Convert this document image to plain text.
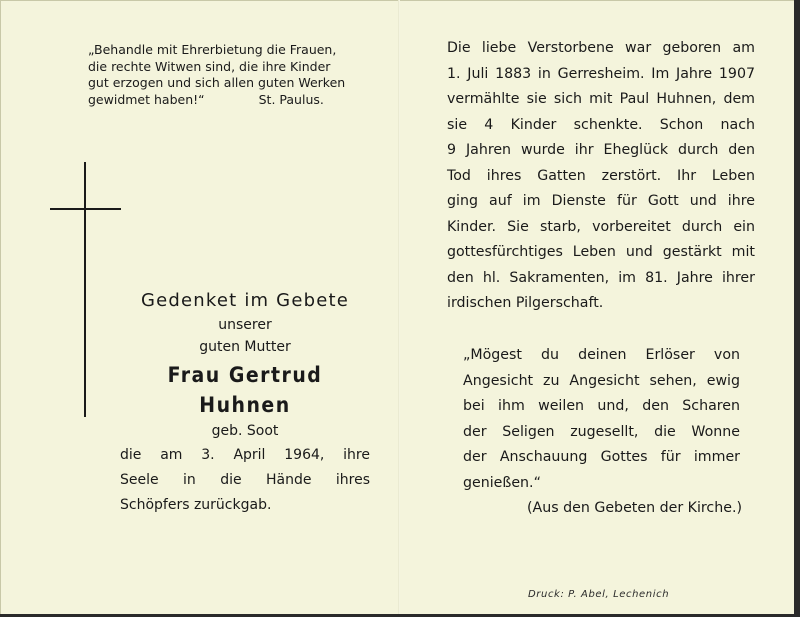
„Behandle mit Ehrerbietung die Frauen,
die rechte Witwen sind, die ihre Kinder
gut erzogen und sich allen guten Werken
gewidmet haben!“	St. Paulus.
Gedenket im Gebete
unserer
guten Mutter
Frau Gertrud Huhnen
geb. Soot
die am 3. April 1964, ihre
Seele in die Hände ihres
Schöpfers zurückgab.
Die liebe Verstorbene war geboren am
1. Juli 1883 in Gerresheim. Im Jahre 1907
vermählte sie sich mit Paul Huhnen, dem
sie 4 Kinder schenkte. Schon nach
9 Jahren wurde ihr Eheglück durch den
Tod ihres Gatten zerstört. Ihr Leben
ging auf im Dienste für Gott und ihre
Kinder. Sie starb, vorbereitet durch ein
gottesfürchtiges Leben und gestärkt mit
den hl. Sakramenten, im 81. Jahre ihrer
irdischen Pilgerschaft.
„Mögest du deinen Erlöser von
Angesicht zu Angesicht sehen, ewig
bei ihm weilen und, den Scharen
der Seligen zugesellt, die Wonne
der Anschauung Gottes für immer
genießen.“
(Aus den Gebeten der Kirche.)
Druck: P. Abel, Lechenich
